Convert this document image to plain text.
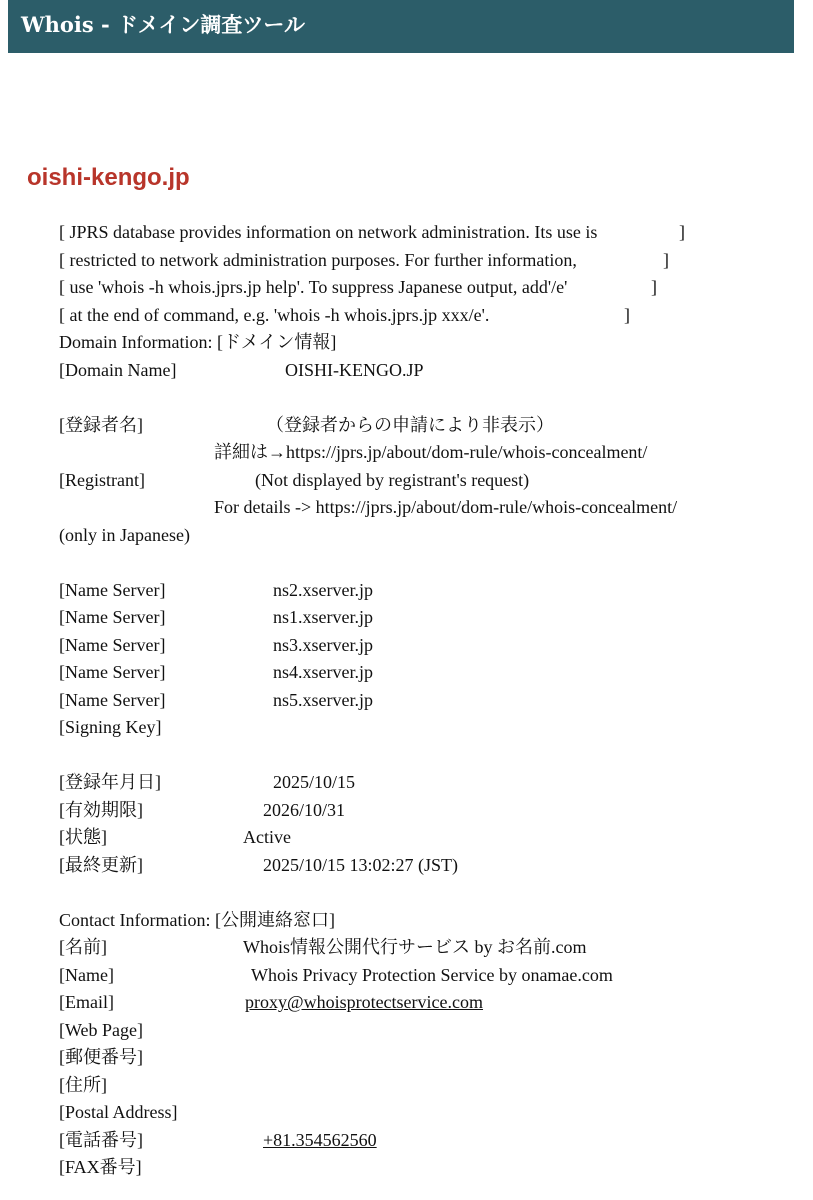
Whois - ドメイン調査ツール
oishi-kengo.jp
[ JPRS database provides information on network administration. Its use is	]
[ restricted to network administration purposes. For further information,	]
[ use 'whois -h whois.jprs.jp help'. To suppress Japanese output, add'/e'	]
[ at the end of command, e.g. 'whois -h whois.jprs.jp xxx/e'.	]
Domain Information: [ドメイン情報]
[Domain Name]	OISHI-KENGO.JP
[登録者名]	（登録者からの申請により非表示）
詳細は→https://jprs.jp/about/dom-rule/whois-concealment/
[Registrant]	(Not displayed by registrant's request)
For details -> https://jprs.jp/about/dom-rule/whois-concealment/
(only in Japanese)
[Name Server]	ns2.xserver.jp
[Name Server]	ns1.xserver.jp
[Name Server]	ns3.xserver.jp
[Name Server]	ns4.xserver.jp
[Name Server]	ns5.xserver.jp
[Signing Key]
[登録年月日]	2025/10/15
[有効期限]	2026/10/31
[状態]	Active
[最終更新]	2025/10/15 13:02:27 (JST)
Contact Information: [公開連絡窓口]
[名前]	Whois情報公開代行サービス by お名前.com
[Name]	Whois Privacy Protection Service by onamae.com
[Email]	proxy@whoisprotectservice.com
[Web Page]
[郵便番号]
[住所]
[Postal Address]
[電話番号]	+81.354562560
[FAX番号]
